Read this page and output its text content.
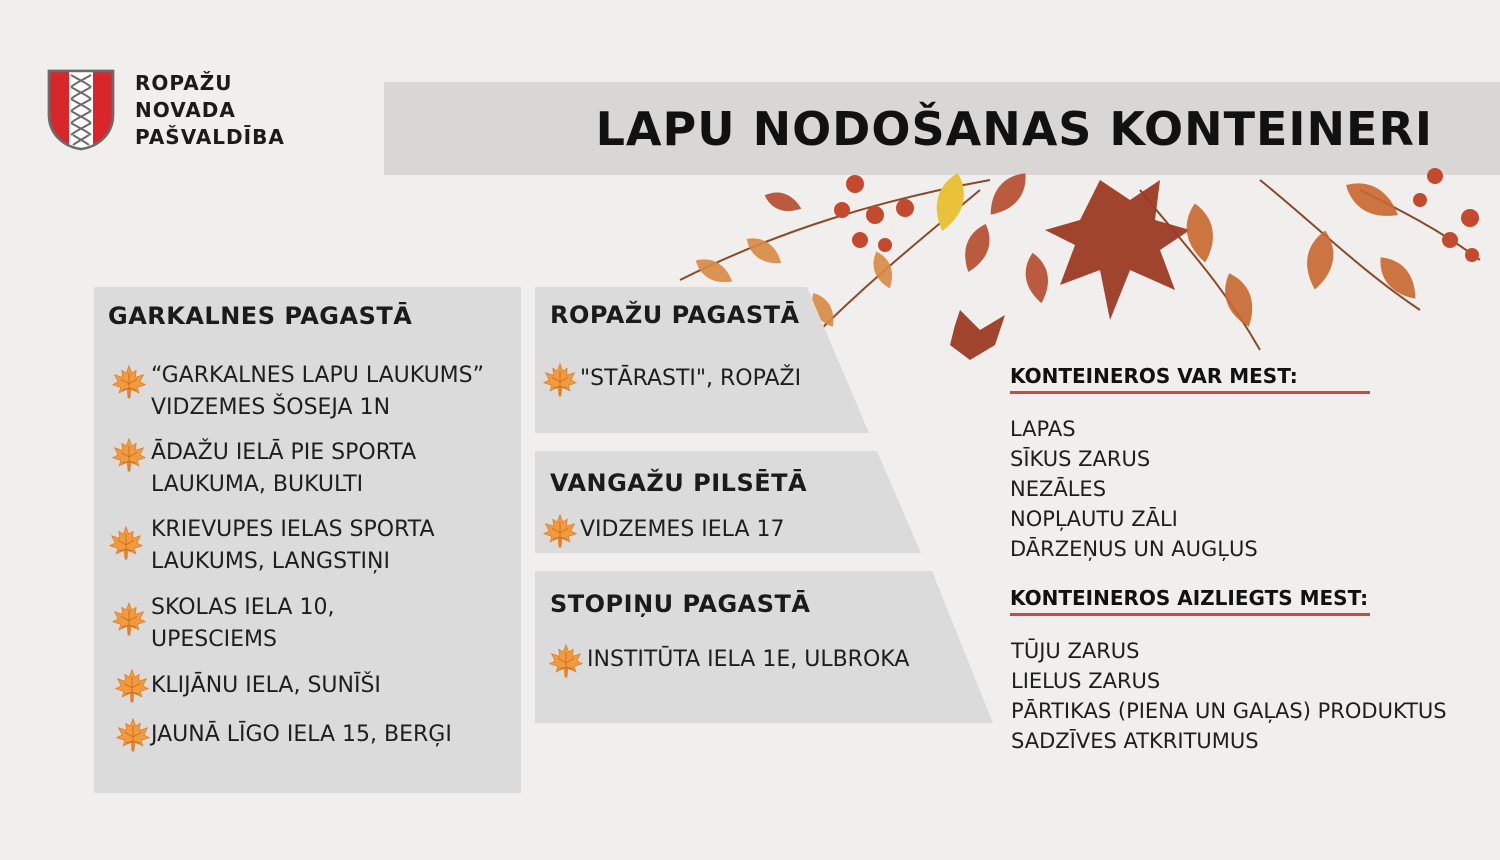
ROPAŽU
NOVADA
PAŠVALDĪBA	LAPU NODOŠANAS KONTEINERI
GARKALNES PAGASTĀ
“GARKALNES LAPU LAUKUMS”
VIDZEMES ŠOSEJA 1N
ĀDAŽU IELĀ PIE SPORTA
LAUKUMA, BUKULTI
KRIEVUPES IELAS SPORTA
LAUKUMS, LANGSTIŅI
SKOLAS IELA 10,
UPESCIEMS
KLIJĀNU IELA, SUNĪŠI
JAUNĀ LĪGO IELA 15, BERĢI
ROPAŽU PAGASTĀ
"STĀRASTI", ROPAŽI
VANGAŽU PILSĒTĀ
VIDZEMES IELA 17
STOPIŅU PAGASTĀ
INSTITŪTA IELA 1E, ULBROKA
KONTEINEROS VAR MEST:
LAPAS
SĪKUS ZARUS
NEZĀLES
NOPĻAUTU ZĀLI
DĀRZEŅUS UN AUGĻUS
KONTEINEROS AIZLIEGTS MEST:
TŪJU ZARUS
LIELUS ZARUS
PĀRTIKAS (PIENA UN GAĻAS) PRODUKTUS
SADZĪVES ATKRITUMUS
